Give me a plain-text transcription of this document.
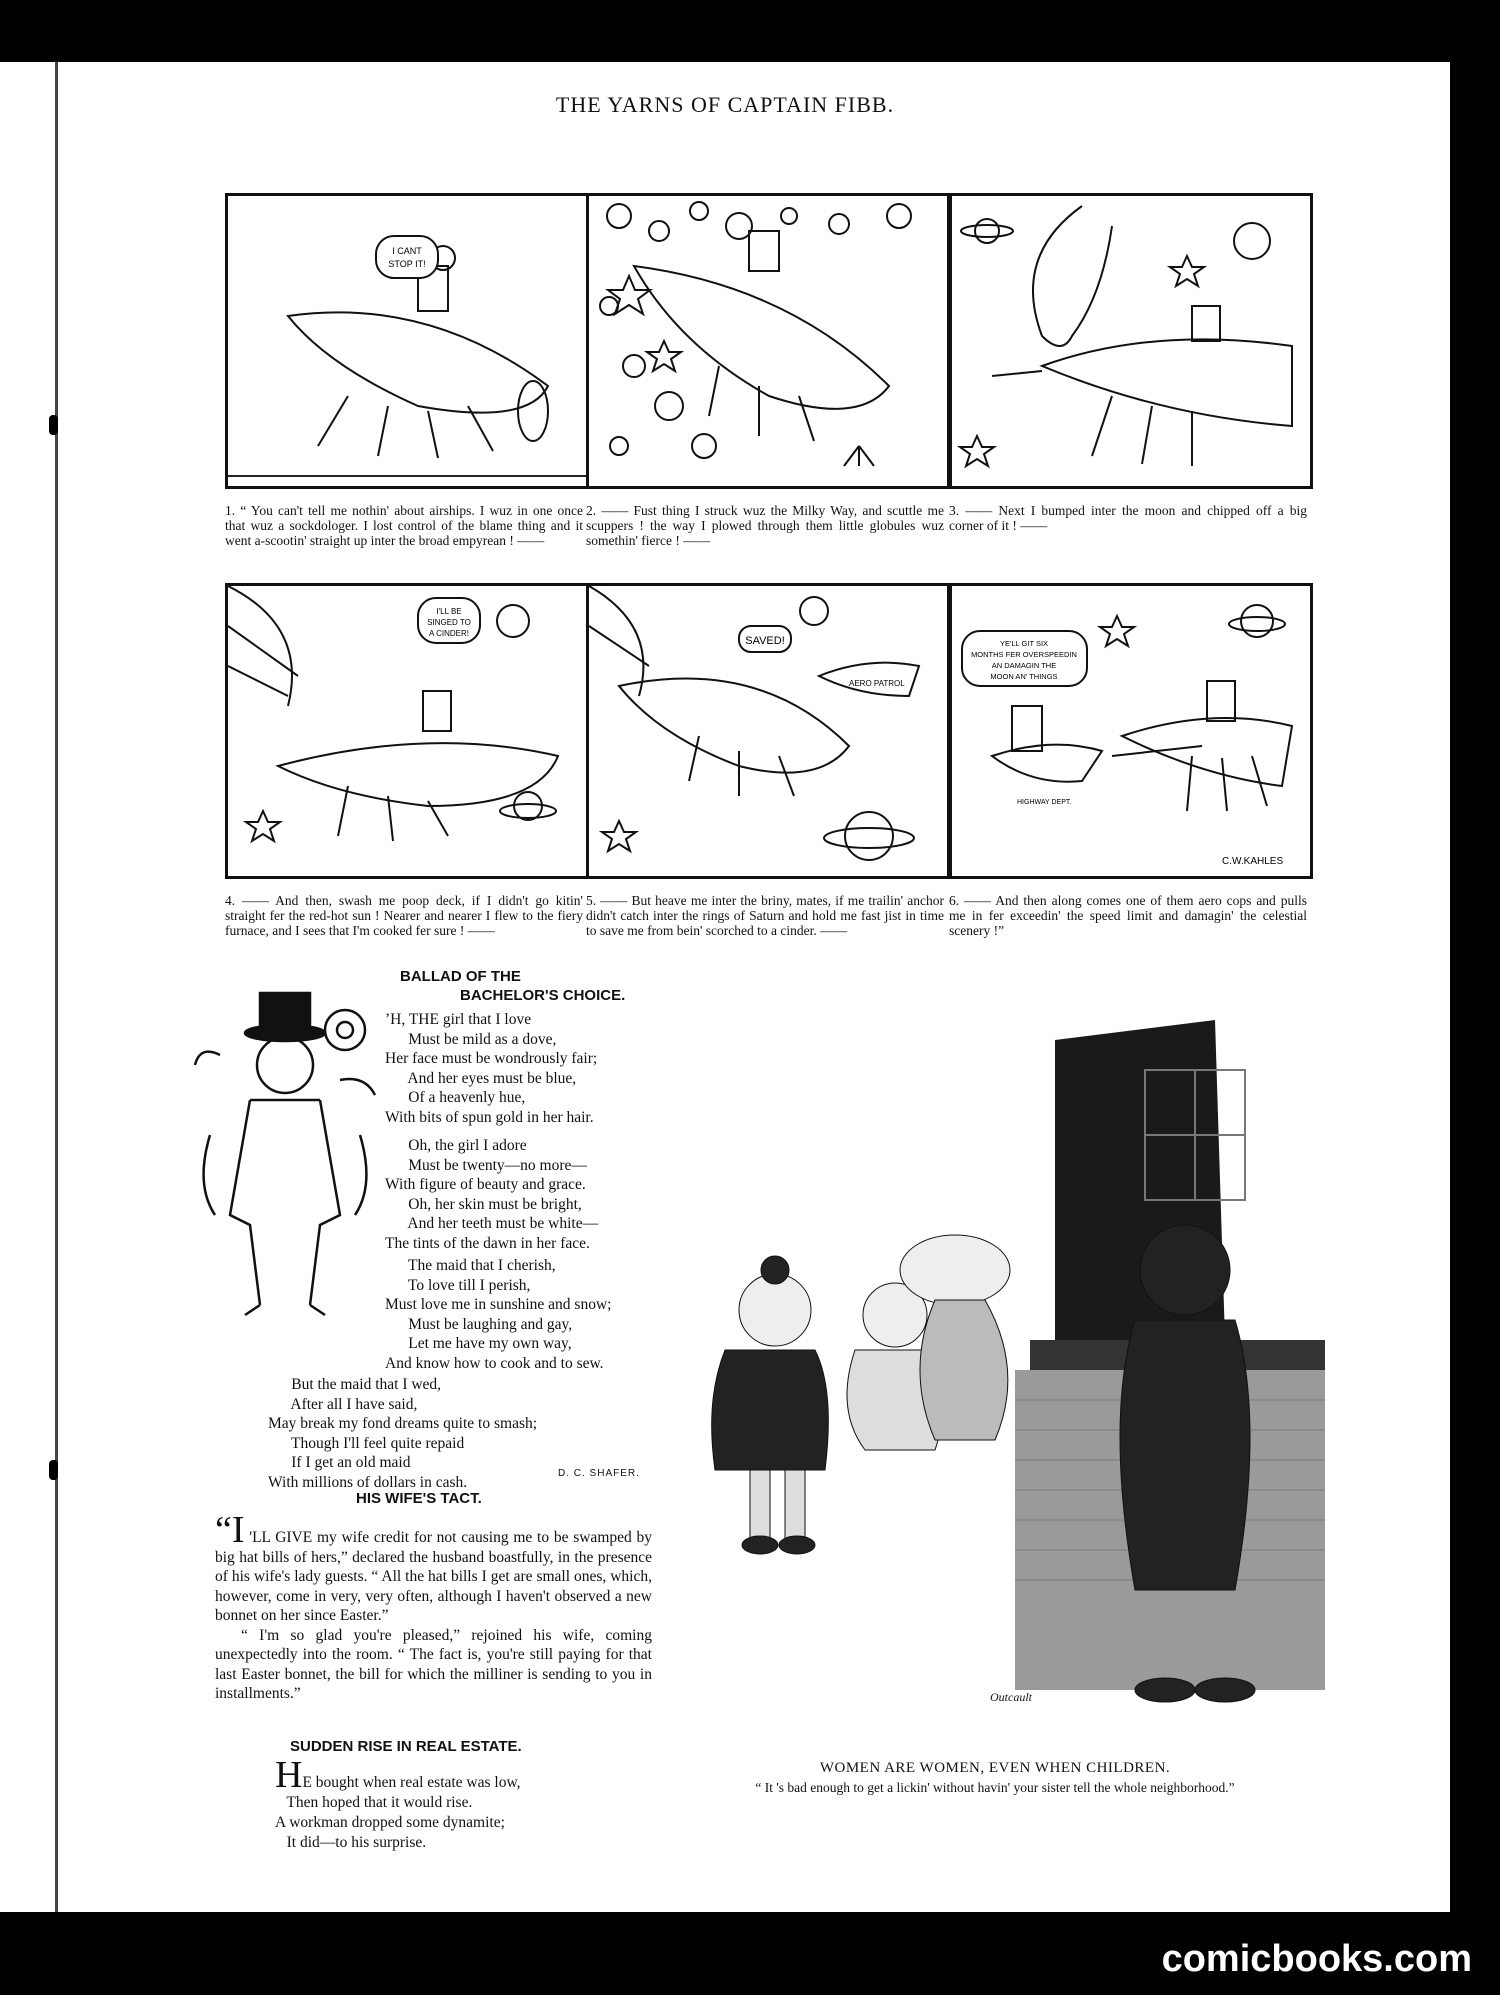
THE YARNS OF CAPTAIN FIBB.
I CANT
STOP IT!
1. “ You can't tell me nothin' about airships. I wuz in one once that wuz a sockdologer. I lost control of the blame thing and it went a-scootin' straight up inter the broad empyrean ! ——
2. —— Fust thing I struck wuz the Milky Way, and scuttle me scuppers ! the way I plowed through them little globules wuz somethin' fierce ! ——
3. —— Next I bumped inter the moon and chipped off a big corner of it ! ——
I'LL BE
SINGED TO
A CINDER!
SAVED!
AERO PATROL
YE'LL GIT SIX
MONTHS FER OVERSPEEDIN
AN DAMAGIN THE
MOON AN' THINGS
HIGHWAY DEPT.
C.W.KAHLES
4. —— And then, swash me poop deck, if I didn't go kitin' straight fer the red-hot sun ! Nearer and nearer I flew to the fiery furnace, and I sees that I'm cooked fer sure ! ——
5. —— But heave me inter the briny, mates, if me trailin' anchor didn't catch inter the rings of Saturn and hold me fast jist in time to save me from bein' scorched to a cinder. ——
6. —— And then along comes one of them aero cops and pulls me in fer exceedin' the speed limit and damagin' the celestial scenery !”
BALLAD OF THE
BACHELOR'S CHOICE.
’H, THE girl that I love
Must be mild as a dove,
Her face must be wondrously fair;
And her eyes must be blue,
Of a heavenly hue,
With bits of spun gold in her hair.
Oh, the girl I adore
Must be twenty—no more—
With figure of beauty and grace.
Oh, her skin must be bright,
And her teeth must be white—
The tints of the dawn in her face.
The maid that I cherish,
To love till I perish,
Must love me in sunshine and snow;
Must be laughing and gay,
Let me have my own way,
And know how to cook and to sew.
But the maid that I wed,
After all I have said,
May break my fond dreams quite to smash;
Though I'll feel quite repaid
If I get an old maid
With millions of dollars in cash.	D. C. SHAFER.
HIS WIFE'S TACT.

“I 'LL GIVE my wife credit for not causing me to be swamped by big hat bills of hers,” declared the husband boastfully, in the presence of his wife's lady guests. “ All the hat bills I get are small ones, which, however, come in very, very often, although I haven't observed a new bonnet on her since Easter.”

“ I'm so glad you're pleased,” rejoined his wife, coming unexpectedly into the room. “ The fact is, you're still paying for that last Easter bonnet, the bill for which the milliner is sending to you in installments.”

SUDDEN RISE IN REAL ESTATE.
HE bought when real estate was low,
Then hoped that it would rise.
A workman dropped some dynamite;
It did—to his surprise.
Outcault
WOMEN ARE WOMEN, EVEN WHEN CHILDREN.
“ It 's bad enough to get a lickin' without havin' your sister tell the whole neighborhood.”
comicbooks.com
